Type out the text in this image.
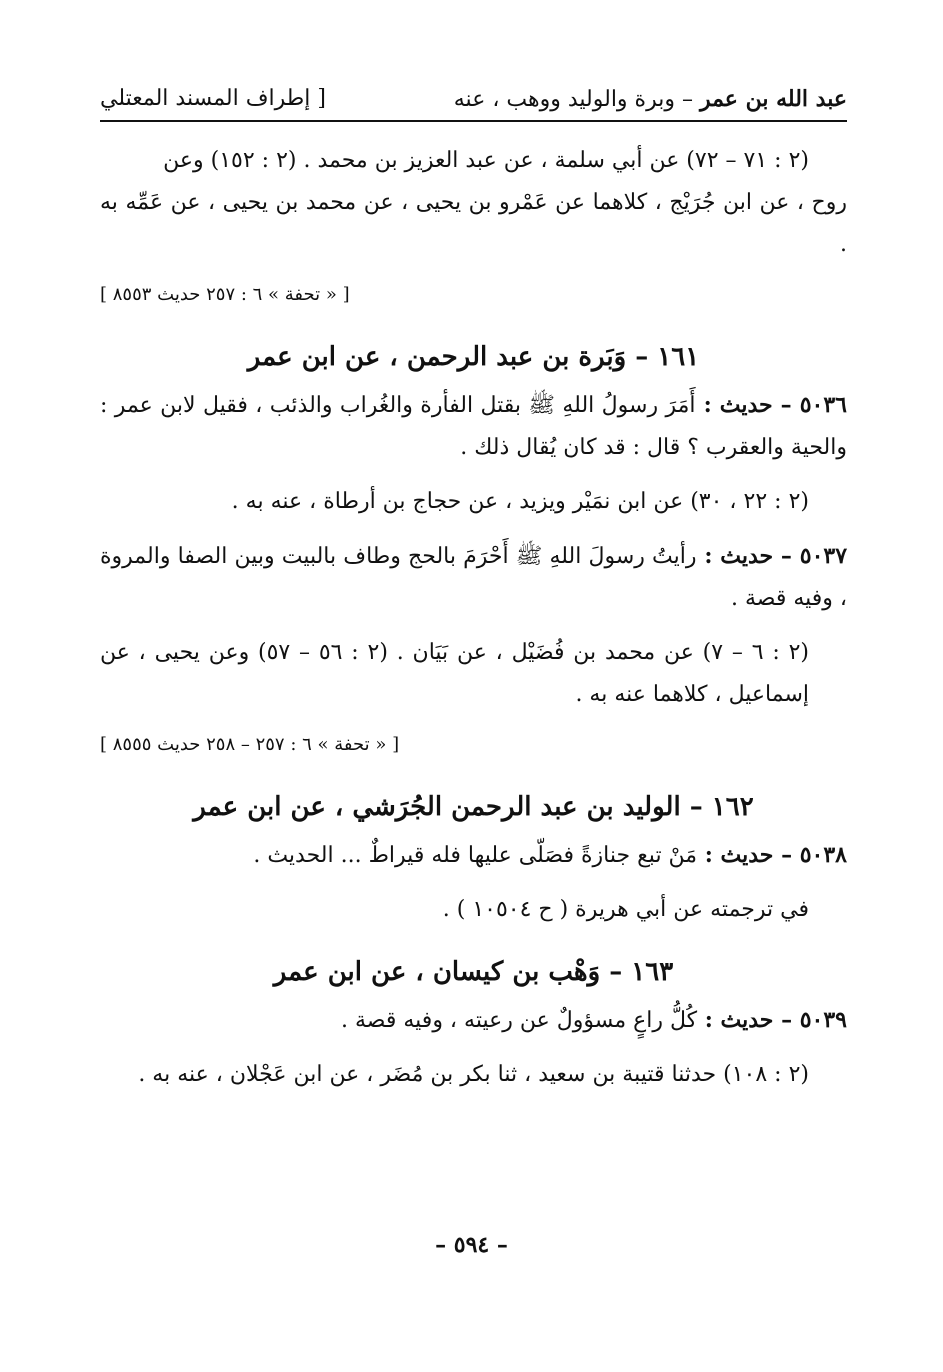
عبد الله بن عمر – وبرة والوليد ووهب ، عنه
[ إطراف المسند المعتلي

(٢ : ٧١ – ٧٢) عن أبي سلمة ، عن عبد العزيز بن محمد . (٢ : ١٥٢) وعن

روح ، عن ابن جُرَيْج ، كلاهما عن عَمْرو بن يحيى ، عن محمد بن يحيى ، عن عَمِّه به .

[ « تحفة » ٦ : ٢٥٧ حديث ٨٥٥٣ ]

١٦١ – وَبَرة بن عبد الرحمن ، عن ابن عمر

٥٠٣٦ – حديث : أَمَرَ رسولُ اللهِ ﷺ بقتل الفأرة والغُراب والذئب ، فقيل لابن عمر : والحية والعقرب ؟ قال : قد كان يُقال ذلك .

(٢ : ٢٢ ، ٣٠) عن ابن نمَيْر ويزيد ، عن حجاج بن أرطاة ، عنه به .

٥٠٣٧ – حديث : رأيتُ رسولَ اللهِ ﷺ أَحْرَمَ بالحج وطاف بالبيت وبين الصفا والمروة ، وفيه قصة .

(٢ : ٦ – ٧) عن محمد بن فُضَيْل ، عن بَيَان . (٢ : ٥٦ – ٥٧) وعن يحيى ، عن إسماعيل ، كلاهما عنه به .

[ « تحفة » ٦ : ٢٥٧ – ٢٥٨ حديث ٨٥٥٥ ]

١٦٢ – الوليد بن عبد الرحمن الجُرَشي ، عن ابن عمر

٥٠٣٨ – حديث : مَنْ تبع جنازةً فصَلّى عليها فله قيراطٌ ... الحديث .

في ترجمته عن أبي هريرة ( ح ١٠٥٠٤ ) .

١٦٣ – وَهْب بن كيسان ، عن ابن عمر

٥٠٣٩ – حديث : كُلُّ راعٍ مسؤولٌ عن رعيته ، وفيه قصة .

(٢ : ١٠٨) حدثنا قتيبة بن سعيد ، ثنا بكر بن مُضَر ، عن ابن عَجْلان ، عنه به .

– ٥٩٤ –
